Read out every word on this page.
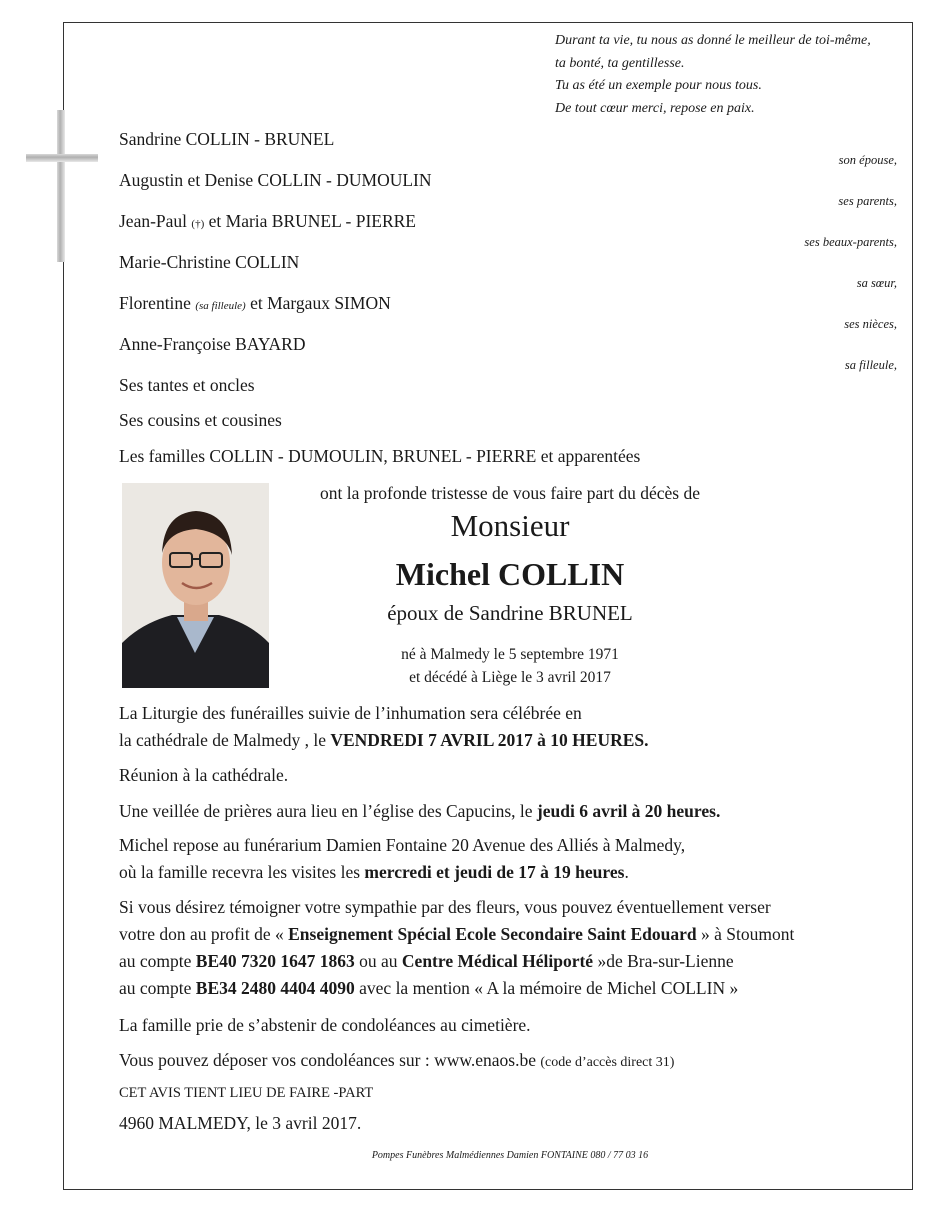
Durant ta vie, tu nous as donné le meilleur de toi-même,
ta bonté, ta gentillesse.
Tu as été un exemple pour nous tous.
De tout cœur merci, repose en paix.
Sandrine COLLIN - BRUNEL
son épouse,
Augustin et Denise COLLIN - DUMOULIN
ses parents,
Jean-Paul (†) et Maria BRUNEL - PIERRE
ses beaux-parents,
Marie-Christine COLLIN
sa sœur,
Florentine (sa filleule) et Margaux SIMON
ses nièces,
Anne-Françoise BAYARD
sa filleule,
Ses tantes et oncles
Ses cousins et cousines
Les familles COLLIN - DUMOULIN, BRUNEL - PIERRE et apparentées
ont la profonde tristesse de vous faire part du décès de
Monsieur
Michel COLLIN
époux de Sandrine BRUNEL
né à Malmedy le 5 septembre 1971
et décédé à Liège le 3 avril 2017
La Liturgie des funérailles suivie de l’inhumation sera célébrée en
la cathédrale de Malmedy , le VENDREDI 7 AVRIL 2017 à 10 HEURES.
Réunion à la cathédrale.
Une veillée de prières aura lieu en l’église des Capucins, le jeudi 6 avril à 20 heures.
Michel repose au funérarium Damien Fontaine 20 Avenue des Alliés à Malmedy,
où la famille recevra les visites les mercredi et jeudi de 17 à 19 heures.
Si vous désirez témoigner votre sympathie par des fleurs, vous pouvez éventuellement verser
votre don au profit de « Enseignement Spécial Ecole Secondaire Saint Edouard » à Stoumont
au compte BE40 7320 1647 1863 ou au Centre Médical Héliporté »de Bra-sur-Lienne
au compte BE34 2480 4404 4090 avec la mention « A la mémoire de Michel COLLIN »
La famille prie de s’abstenir de condoléances au cimetière.
Vous pouvez déposer vos condoléances sur : www.enaos.be (code d’accès direct 31)
CET AVIS TIENT LIEU DE FAIRE -PART
4960 MALMEDY, le 3 avril 2017.
Pompes Funèbres Malmédiennes Damien FONTAINE 080 / 77 03 16
